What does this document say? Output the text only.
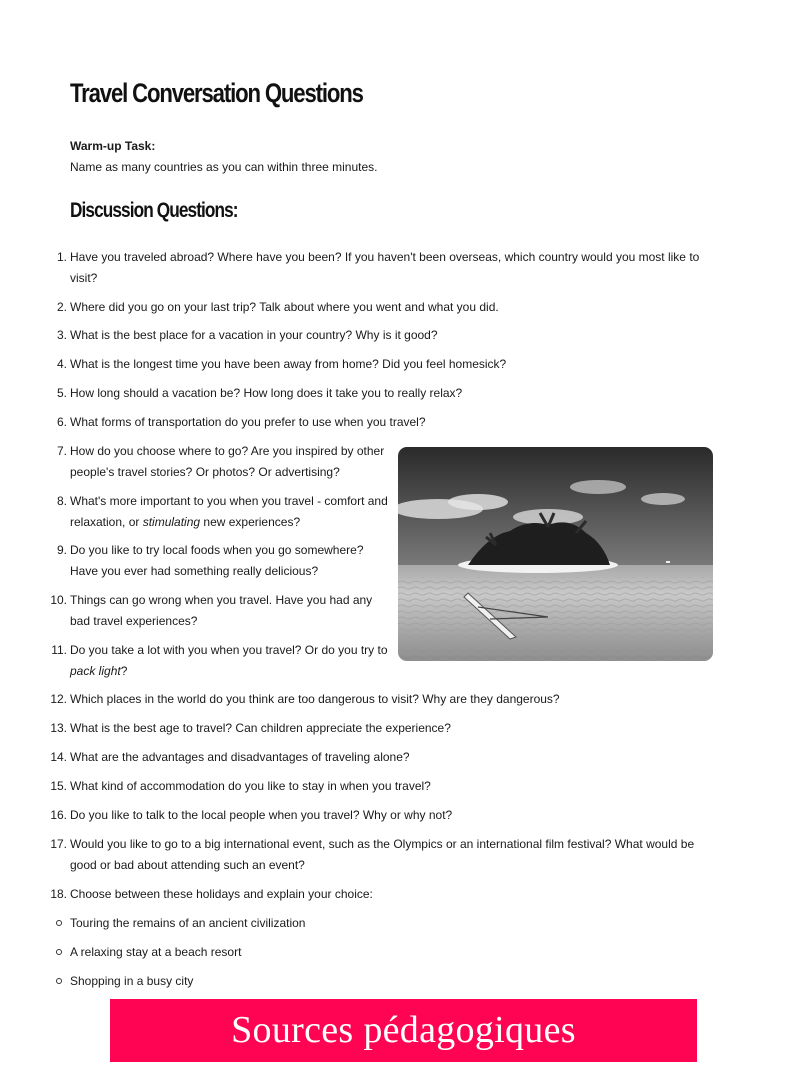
Travel Conversation Questions
Warm-up Task:
Name as many countries as you can within three minutes.
Discussion Questions:
1. Have you traveled abroad? Where have you been? If you haven't been overseas, which country would you most like to visit?
2. Where did you go on your last trip? Talk about where you went and what you did.
3. What is the best place for a vacation in your country? Why is it good?
4. What is the longest time you have been away from home? Did you feel homesick?
5. How long should a vacation be? How long does it take you to really relax?
6. What forms of transportation do you prefer to use when you travel?
7. How do you choose where to go? Are you inspired by other people's travel stories? Or photos? Or advertising?
8. What's more important to you when you travel - comfort and relaxation, or stimulating new experiences?
9. Do you like to try local foods when you go somewhere? Have you ever had something really delicious?
10. Things can go wrong when you travel. Have you had any bad travel experiences?
11. Do you take a lot with you when you travel? Or do you try to pack light?
12. Which places in the world do you think are too dangerous to visit? Why are they dangerous?
13. What is the best age to travel? Can children appreciate the experience?
14. What are the advantages and disadvantages of traveling alone?
15. What kind of accommodation do you like to stay in when you travel?
16. Do you like to talk to the local people when you travel? Why or why not?
17. Would you like to go to a big international event, such as the Olympics or an international film festival? What would be good or bad about attending such an event?
18. Choose between these holidays and explain your choice:
Touring the remains of an ancient civilization
A relaxing stay at a beach resort
Shopping in a busy city
Sources pédagogiques
